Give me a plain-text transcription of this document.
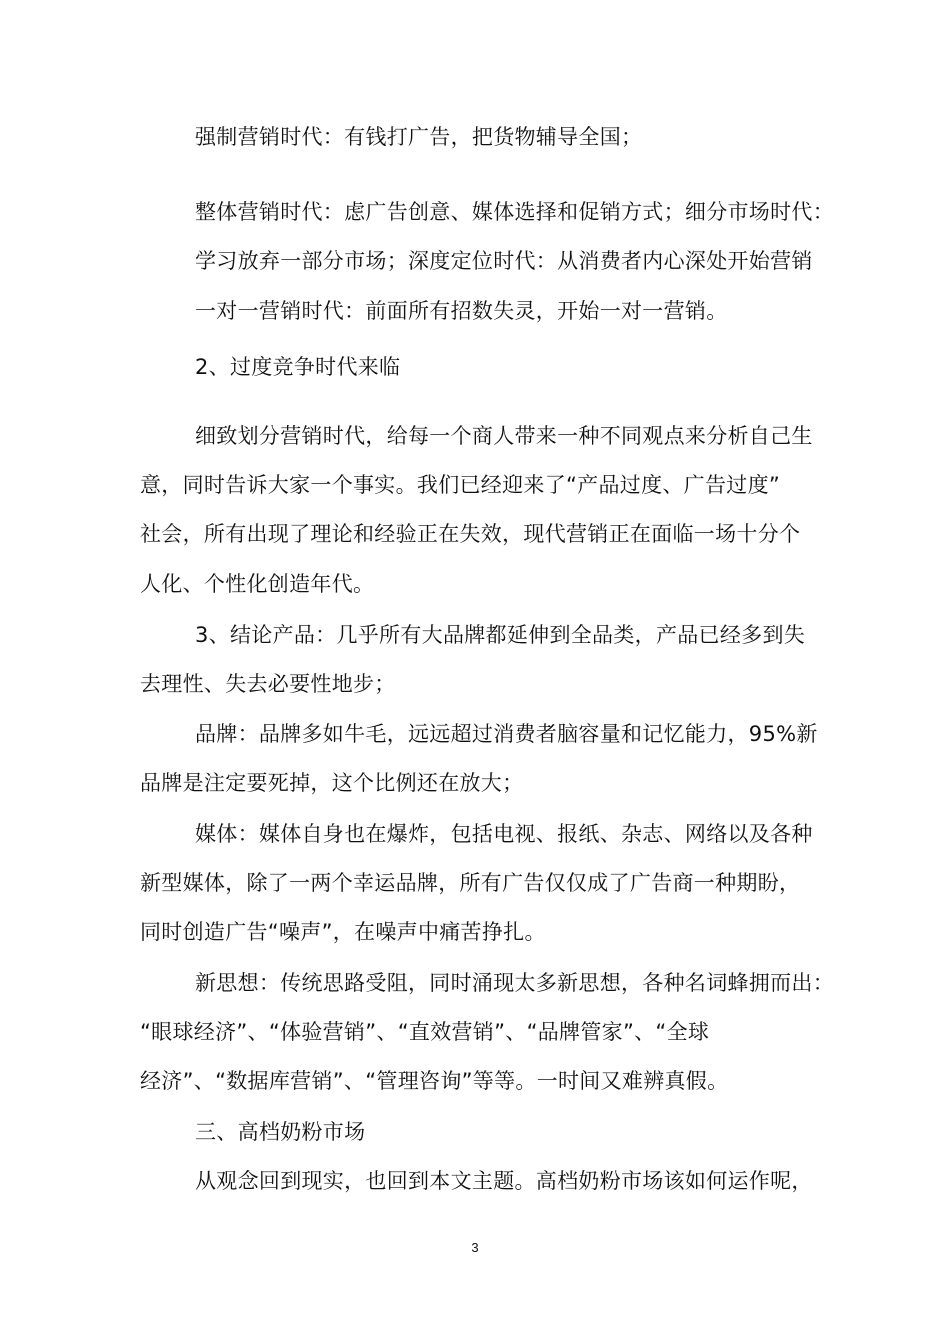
强制营销时代：有钱打广告，把货物辅导全国；
整体营销时代：虑广告创意、媒体选择和促销方式；细分市场时代：
学习放弃一部分市场；深度定位时代：从消费者内心深处开始营销
一对一营销时代：前面所有招数失灵，开始一对一营销。
2、过度竞争时代来临
细致划分营销时代，给每一个商人带来一种不同观点来分析自己生
意，同时告诉大家一个事实。我们已经迎来了“产品过度、广告过度”
社会，所有出现了理论和经验正在失效，现代营销正在面临一场十分个
人化、个性化创造年代。
3、结论产品：几乎所有大品牌都延伸到全品类，产品已经多到失
去理性、失去必要性地步；
品牌：品牌多如牛毛，远远超过消费者脑容量和记忆能力，95%新
品牌是注定要死掉，这个比例还在放大；
媒体：媒体自身也在爆炸，包括电视、报纸、杂志、网络以及各种
新型媒体，除了一两个幸运品牌，所有广告仅仅成了广告商一种期盼，
同时创造广告“噪声”，在噪声中痛苦挣扎。
新思想：传统思路受阻，同时涌现太多新思想，各种名词蜂拥而出：
“眼球经济”、“体验营销”、“直效营销”、“品牌管家”、“全球
经济”、“数据库营销”、“管理咨询”等等。一时间又难辨真假。
三、高档奶粉市场
从观念回到现实，也回到本文主题。高档奶粉市场该如何运作呢，
3
